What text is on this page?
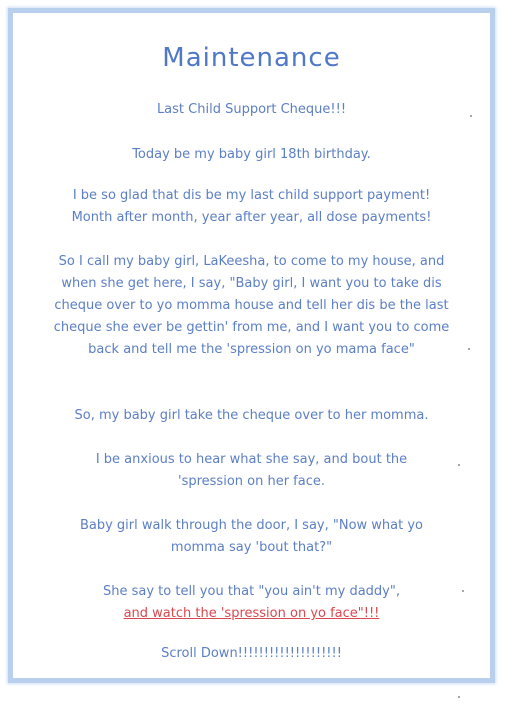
Maintenance
Last Child Support Cheque!!!
Today be my baby girl 18th birthday.
I be so glad that dis be my last child support payment! Month after month, year after year, all dose payments!
So I call my baby girl, LaKeesha, to come to my house, and when she get here, I say, "Baby girl, I want you to take dis cheque over to yo momma house and tell her dis be the last cheque she ever be gettin' from me, and I want you to come back and tell me the 'spression on yo mama face"
So, my baby girl take the cheque over to her momma.
I be anxious to hear what she say, and bout the 'spression on her face.
Baby girl walk through the door, I say, "Now what yo momma say 'bout that?"
She say to tell you that "you ain't my daddy",
and watch the 'spression on yo face"!!!
Scroll Down!!!!!!!!!!!!!!!!!!!!
